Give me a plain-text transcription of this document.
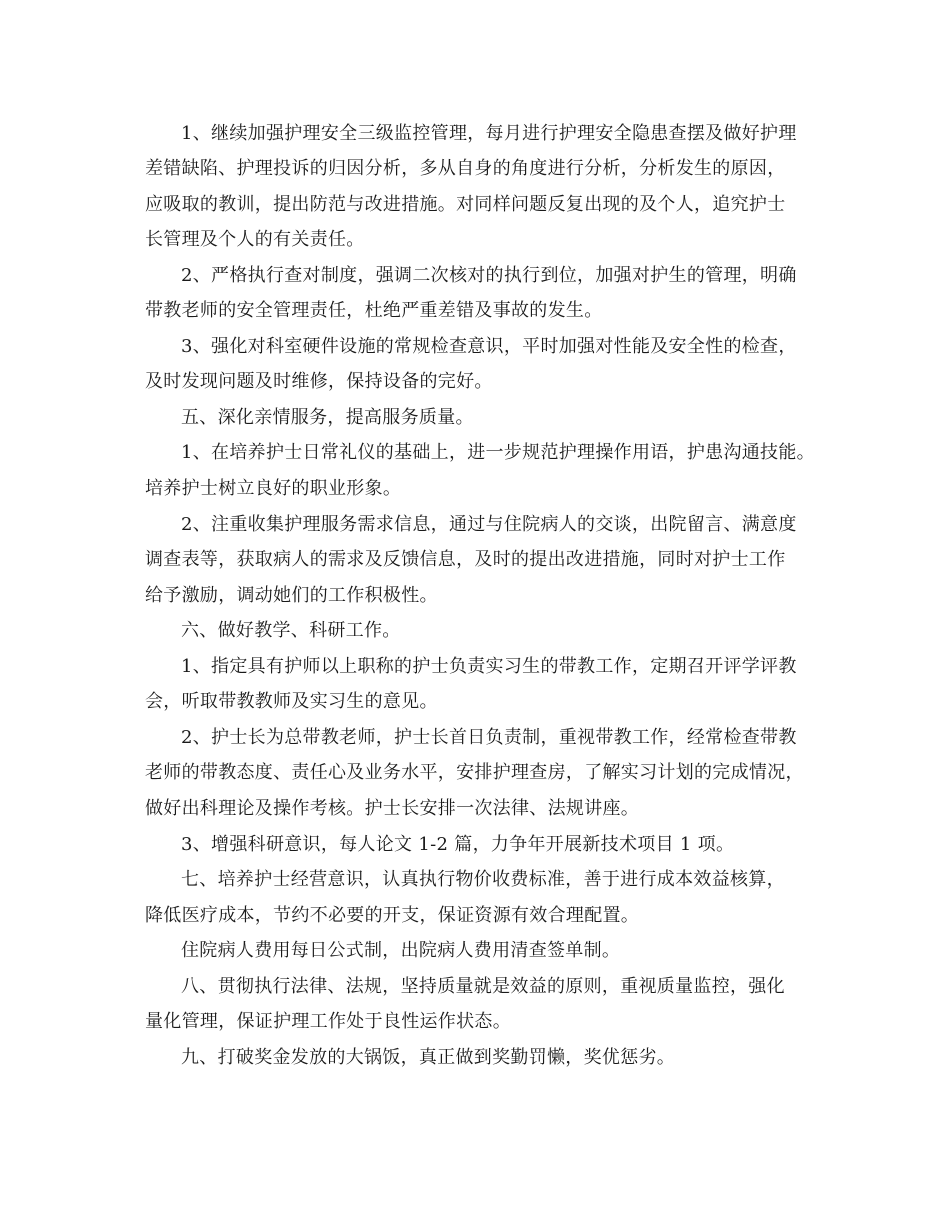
1、继续加强护理安全三级监控管理，每月进行护理安全隐患查摆及做好护理
差错缺陷、护理投诉的归因分析，多从自身的角度进行分析，分析发生的原因，
应吸取的教训，提出防范与改进措施。对同样问题反复出现的及个人，追究护士
长管理及个人的有关责任。
2、严格执行查对制度，强调二次核对的执行到位，加强对护生的管理，明确
带教老师的安全管理责任，杜绝严重差错及事故的发生。
3、强化对科室硬件设施的常规检查意识，平时加强对性能及安全性的检查，
及时发现问题及时维修，保持设备的完好。
五、深化亲情服务，提高服务质量。
1、在培养护士日常礼仪的基础上，进一步规范护理操作用语，护患沟通技能。
培养护士树立良好的职业形象。
2、注重收集护理服务需求信息，通过与住院病人的交谈，出院留言、满意度
调查表等，获取病人的需求及反馈信息，及时的提出改进措施，同时对护士工作
给予激励，调动她们的工作积极性。
六、做好教学、科研工作。
1、指定具有护师以上职称的护士负责实习生的带教工作，定期召开评学评教
会，听取带教教师及实习生的意见。
2、护士长为总带教老师，护士长首日负责制，重视带教工作，经常检查带教
老师的带教态度、责任心及业务水平，安排护理查房，了解实习计划的完成情况，
做好出科理论及操作考核。护士长安排一次法律、法规讲座。
3、增强科研意识，每人论文 1-2 篇，力争年开展新技术项目 1 项。
七、培养护士经营意识，认真执行物价收费标准，善于进行成本效益核算，
降低医疗成本，节约不必要的开支，保证资源有效合理配置。
住院病人费用每日公式制，出院病人费用清查签单制。
八、贯彻执行法律、法规，坚持质量就是效益的原则，重视质量监控，强化
量化管理，保证护理工作处于良性运作状态。
九、打破奖金发放的大锅饭，真正做到奖勤罚懒，奖优惩劣。
